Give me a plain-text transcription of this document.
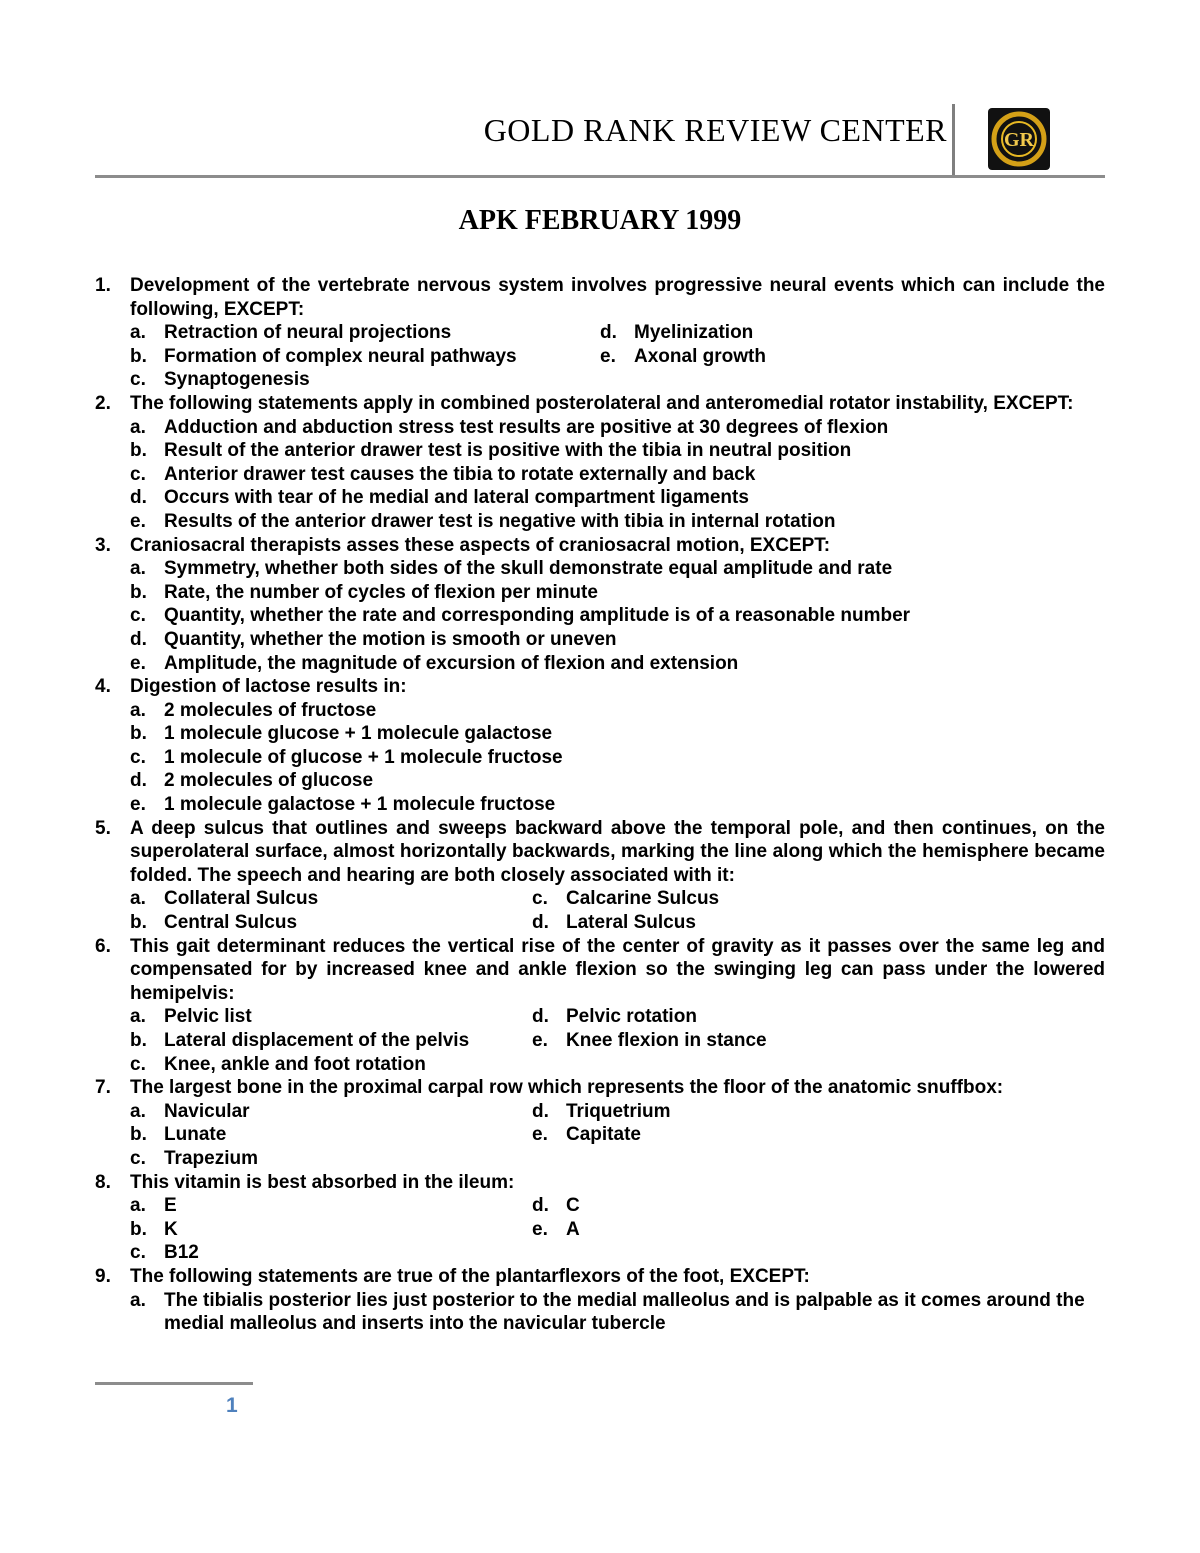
GOLD RANK REVIEW CENTER	GR
APK FEBRUARY 1999
1. Development of the vertebrate nervous system involves progressive neural events which can include the following, EXCEPT:
a. Retraction of neural projections
b. Formation of complex neural pathways
c. Synaptogenesis
d. Myelinization
e. Axonal growth
2. The following statements apply in combined posterolateral and anteromedial rotator instability, EXCEPT:
a. Adduction and abduction stress test results are positive at 30 degrees of flexion
b. Result of the anterior drawer test is positive with the tibia in neutral position
c. Anterior drawer test causes the tibia to rotate externally and back
d. Occurs with tear of he medial and lateral compartment ligaments
e. Results of the anterior drawer test is negative with tibia in internal rotation
3. Craniosacral therapists asses these aspects of craniosacral motion, EXCEPT:
a. Symmetry, whether both sides of the skull demonstrate equal amplitude and rate
b. Rate, the number of cycles of flexion per minute
c. Quantity, whether the rate and corresponding amplitude is of a reasonable number
d. Quantity, whether the motion is smooth or uneven
e. Amplitude, the magnitude of excursion of flexion and extension
4. Digestion of lactose results in:
a. 2 molecules of fructose
b. 1 molecule glucose + 1 molecule galactose
c. 1 molecule of glucose + 1 molecule fructose
d. 2 molecules of glucose
e. 1 molecule galactose + 1 molecule fructose
5. A deep sulcus that outlines and sweeps backward above the temporal pole, and then continues, on the superolateral surface, almost horizontally backwards, marking the line along which the hemisphere became folded. The speech and hearing are both closely associated with it:
a. Collateral Sulcus
b. Central Sulcus
c. Calcarine Sulcus
d. Lateral Sulcus
6. This gait determinant reduces the vertical rise of the center of gravity as it passes over the same leg and compensated for by increased knee and ankle flexion so the swinging leg can pass under the lowered hemipelvis:
a. Pelvic list
b. Lateral displacement of the pelvis
c. Knee, ankle and foot rotation
d. Pelvic rotation
e. Knee flexion in stance
7. The largest bone in the proximal carpal row which represents the floor of the anatomic snuffbox:
a. Navicular
b. Lunate
c. Trapezium
d. Triquetrium
e. Capitate
8. This vitamin is best absorbed in the ileum:
a. E
b. K
c. B12
d. C
e. A
9. The following statements are true of the plantarflexors of the foot, EXCEPT:
a. The tibialis posterior lies just posterior to the medial malleolus and is palpable as it comes around the medial malleolus and inserts into the navicular tubercle
1
